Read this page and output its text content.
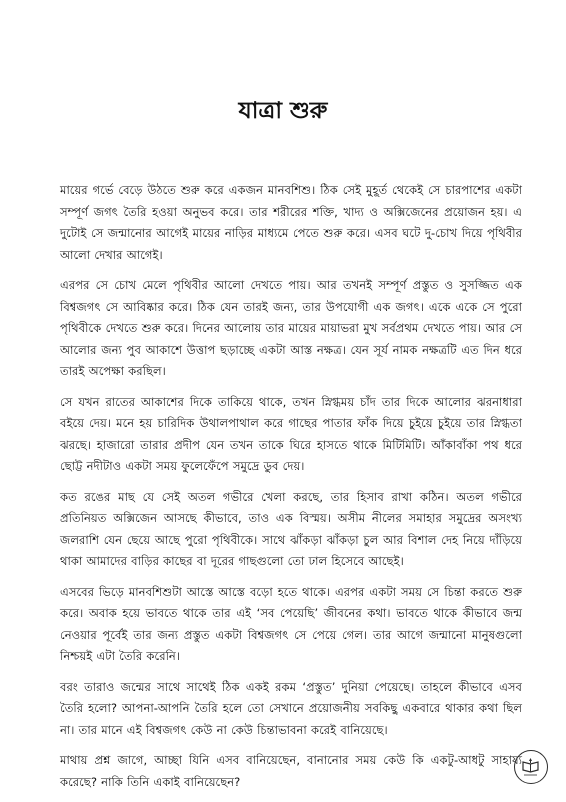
যাত্রা শুরু

মায়ের গর্ভে বেড়ে উঠতে শুরু করে একজন মানবশিশু। ঠিক সেই মুহূর্ত থেকেই সে চারপাশের একটা সম্পূর্ণ জগৎ তৈরি হওয়া অনুভব করে। তার শরীরের শক্তি, খাদ্য ও অক্সিজেনের প্রয়োজন হয়। এ দুটোই সে জন্মানোর আগেই মায়ের নাড়ির মাধ্যমে পেতে শুরু করে। এসব ঘটে দু-চোখ দিয়ে পৃথিবীর আলো দেখার আগেই।

এরপর সে চোখ মেলে পৃথিবীর আলো দেখতে পায়। আর তখনই সম্পূর্ণ প্রস্তুত ও সুসজ্জিত এক বিশ্বজগৎ সে আবিষ্কার করে। ঠিক যেন তারই জন্য, তার উপযোগী এক জগৎ। একে একে সে পুরো পৃথিবীকে দেখতে শুরু করে। দিনের আলোয় তার মায়ের মায়াভরা মুখ সর্বপ্রথম দেখতে পায়। আর সে আলোর জন্য পুব আকাশে উত্তাপ ছড়াচ্ছে একটা আস্ত নক্ষত্র। যেন সূর্য নামক নক্ষত্রটি এত দিন ধরে তারই অপেক্ষা করছিল।

সে যখন রাতের আকাশের দিকে তাকিয়ে থাকে, তখন স্নিগ্ধময় চাঁদ তার দিকে আলোর ঝরনাধারা বইয়ে দেয়। মনে হয় চারিদিক উথালপাথাল করে গাছের পাতার ফাঁক দিয়ে চুইয়ে চুইয়ে তার স্নিগ্ধতা ঝরছে। হাজারো তারার প্রদীপ যেন তখন তাকে ঘিরে হাসতে থাকে মিটিমিটি। আঁকাবাঁকা পথ ধরে ছোট্ট নদীটাও একটা সময় ফুলেফেঁপে সমুদ্রে ডুব দেয়।

কত রঙের মাছ যে সেই অতল গভীরে খেলা করছে, তার হিসাব রাখা কঠিন। অতল গভীরে প্রতিনিয়ত অক্সিজেন আসছে কীভাবে, তাও এক বিস্ময়। অসীম নীলের সমাহার সমুদ্রের অসংখ্য জলরাশি যেন ছেয়ে আছে পুরো পৃথিবীকে। সাথে ঝাঁকড়া ঝাঁকড়া চুল আর বিশাল দেহ নিয়ে দাঁড়িয়ে থাকা আমাদের বাড়ির কাছের বা দূরের গাছগুলো তো ঢাল হিসেবে আছেই।

এসবের ভিড়ে মানবশিশুটা আস্তে আস্তে বড়ো হতে থাকে। এরপর একটা সময় সে চিন্তা করতে শুরু করে। অবাক হয়ে ভাবতে থাকে তার এই ‘সব পেয়েছি’ জীবনের কথা। ভাবতে থাকে কীভাবে জন্ম নেওয়ার পূর্বেই তার জন্য প্রস্তুত একটা বিশ্বজগৎ সে পেয়ে গেল। তার আগে জন্মানো মানুষগুলো নিশ্চয়ই এটা তৈরি করেনি।

বরং তারাও জন্মের সাথে সাথেই ঠিক একই রকম ‘প্রস্তুত’ দুনিয়া পেয়েছে। তাহলে কীভাবে এসব তৈরি হলো? আপনা-আপনি তৈরি হলে তো সেখানে প্রয়োজনীয় সবকিছু একবারে থাকার কথা ছিল না। তার মানে এই বিশ্বজগৎ কেউ না কেউ চিন্তাভাবনা করেই বানিয়েছে।

মাথায় প্রশ্ন জাগে, আচ্ছা যিনি এসব বানিয়েছেন, বানানোর সময় কেউ কি একটু-আধটু সাহায্য করেছে? নাকি তিনি একাই বানিয়েছেন?
